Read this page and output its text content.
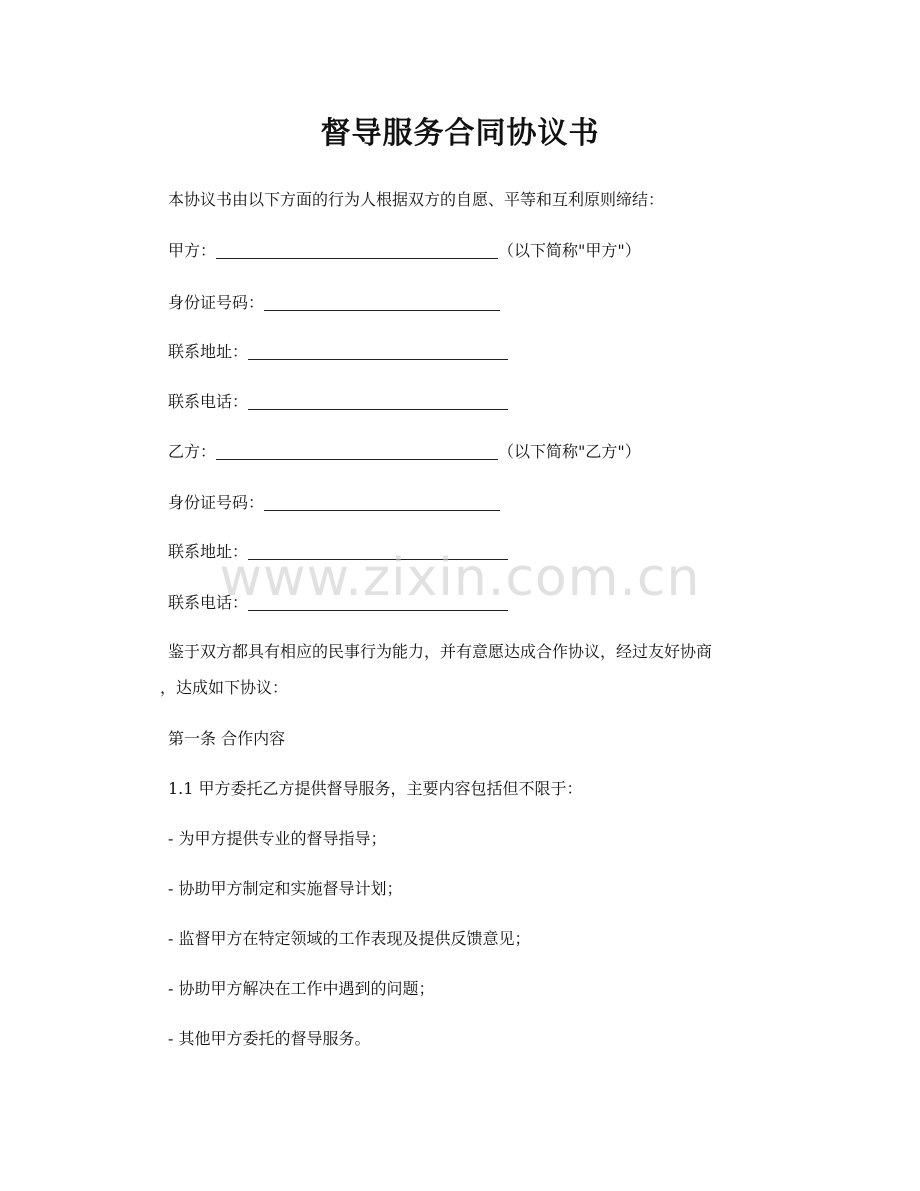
督导服务合同协议书
本协议书由以下方面的行为人根据双方的自愿、平等和互利原则缔结：
甲方：	（以下简称"甲方"）
身份证号码：
联系地址：
联系电话：
乙方：	（以下简称"乙方"）
身份证号码：
联系地址：
联系电话：
鉴于双方都具有相应的民事行为能力，并有意愿达成合作协议，经过友好协商
，达成如下协议：
第一条 合作内容
1.1 甲方委托乙方提供督导服务，主要内容包括但不限于：
- 为甲方提供专业的督导指导；
- 协助甲方制定和实施督导计划；
- 监督甲方在特定领域的工作表现及提供反馈意见；
- 协助甲方解决在工作中遇到的问题；
- 其他甲方委托的督导服务。
www.zixin.com.cn
